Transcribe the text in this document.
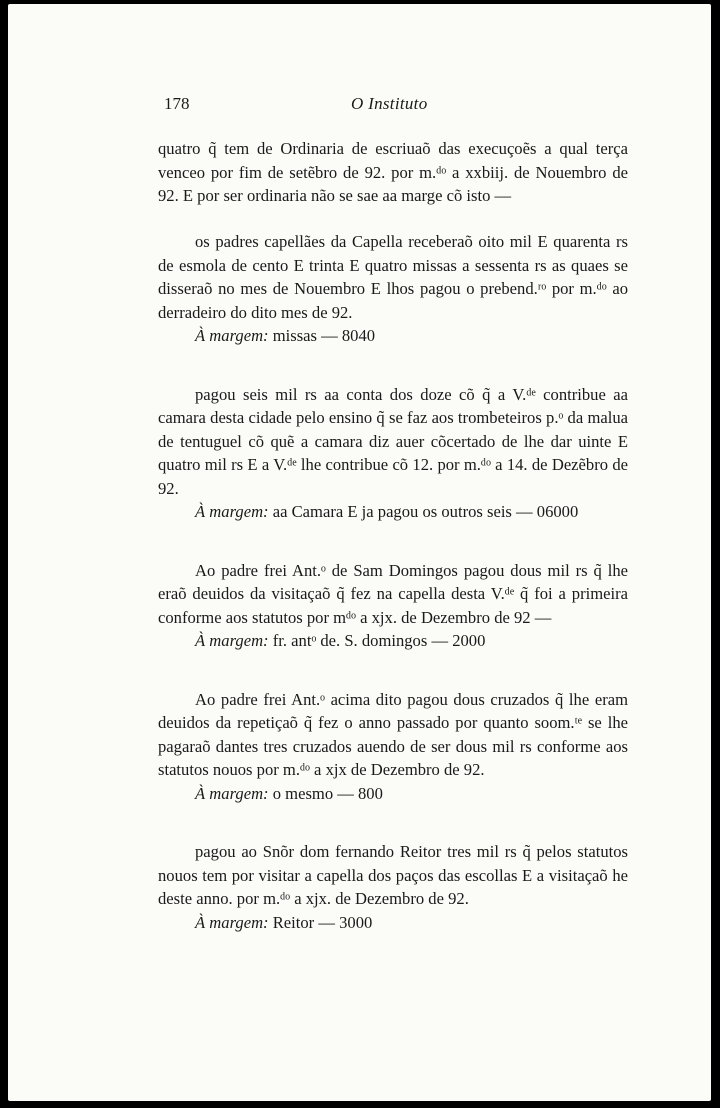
178	O Instituto

quatro q̃ tem de Ordinaria de escriuaõ das execuçoẽs a qual terça venceo por fim de setẽbro de 92. por m.ᵈᵒ a xxbiij. de Nouembro de 92. E por ser ordinaria não se sae aa marge cõ isto —

os padres capellães da Capella receberaõ oito mil E quarenta rs de esmola de cento E trinta E quatro missas a sessenta rs as quaes se disseraõ no mes de Nouembro E lhos pagou o prebend.ʳᵒ por m.ᵈᵒ ao derradeiro do dito mes de 92.

À margem: missas — 8040

pagou seis mil rs aa conta dos doze cõ q̃ a V.ᵈᵉ contribue aa camara desta cidade pelo ensino q̃ se faz aos trombeteiros p.ᵒ da malua de tentuguel cõ quẽ a camara diz auer cõcertado de lhe dar uinte E quatro mil rs E a V.ᵈᵉ lhe contribue cõ 12. por m.ᵈᵒ a 14. de Dezẽbro de 92.

À margem: aa Camara E ja pagou os outros seis — 06000

Ao padre frei Ant.ᵒ de Sam Domingos pagou dous mil rs q̃ lhe eraõ deuidos da visitaçaõ q̃ fez na capella desta V.ᵈᵉ q̃ foi a primeira conforme aos statutos por mᵈᵒ a xjx. de Dezembro de 92 —

À margem: fr. antᵒ de. S. domingos — 2000

Ao padre frei Ant.ᵒ acima dito pagou dous cruzados q̃ lhe eram deuidos da repetiçaõ q̃ fez o anno passado por quanto soom.ᵗᵉ se lhe pagaraõ dantes tres cruzados auendo de ser dous mil rs conforme aos statutos nouos por m.ᵈᵒ a xjx de Dezembro de 92.

À margem: o mesmo — 800

pagou ao Snõr dom fernando Reitor tres mil rs q̃ pelos statutos nouos tem por visitar a capella dos paços das escollas E a visitaçaõ he deste anno. por m.ᵈᵒ a xjx. de Dezembro de 92.

À margem: Reitor — 3000
